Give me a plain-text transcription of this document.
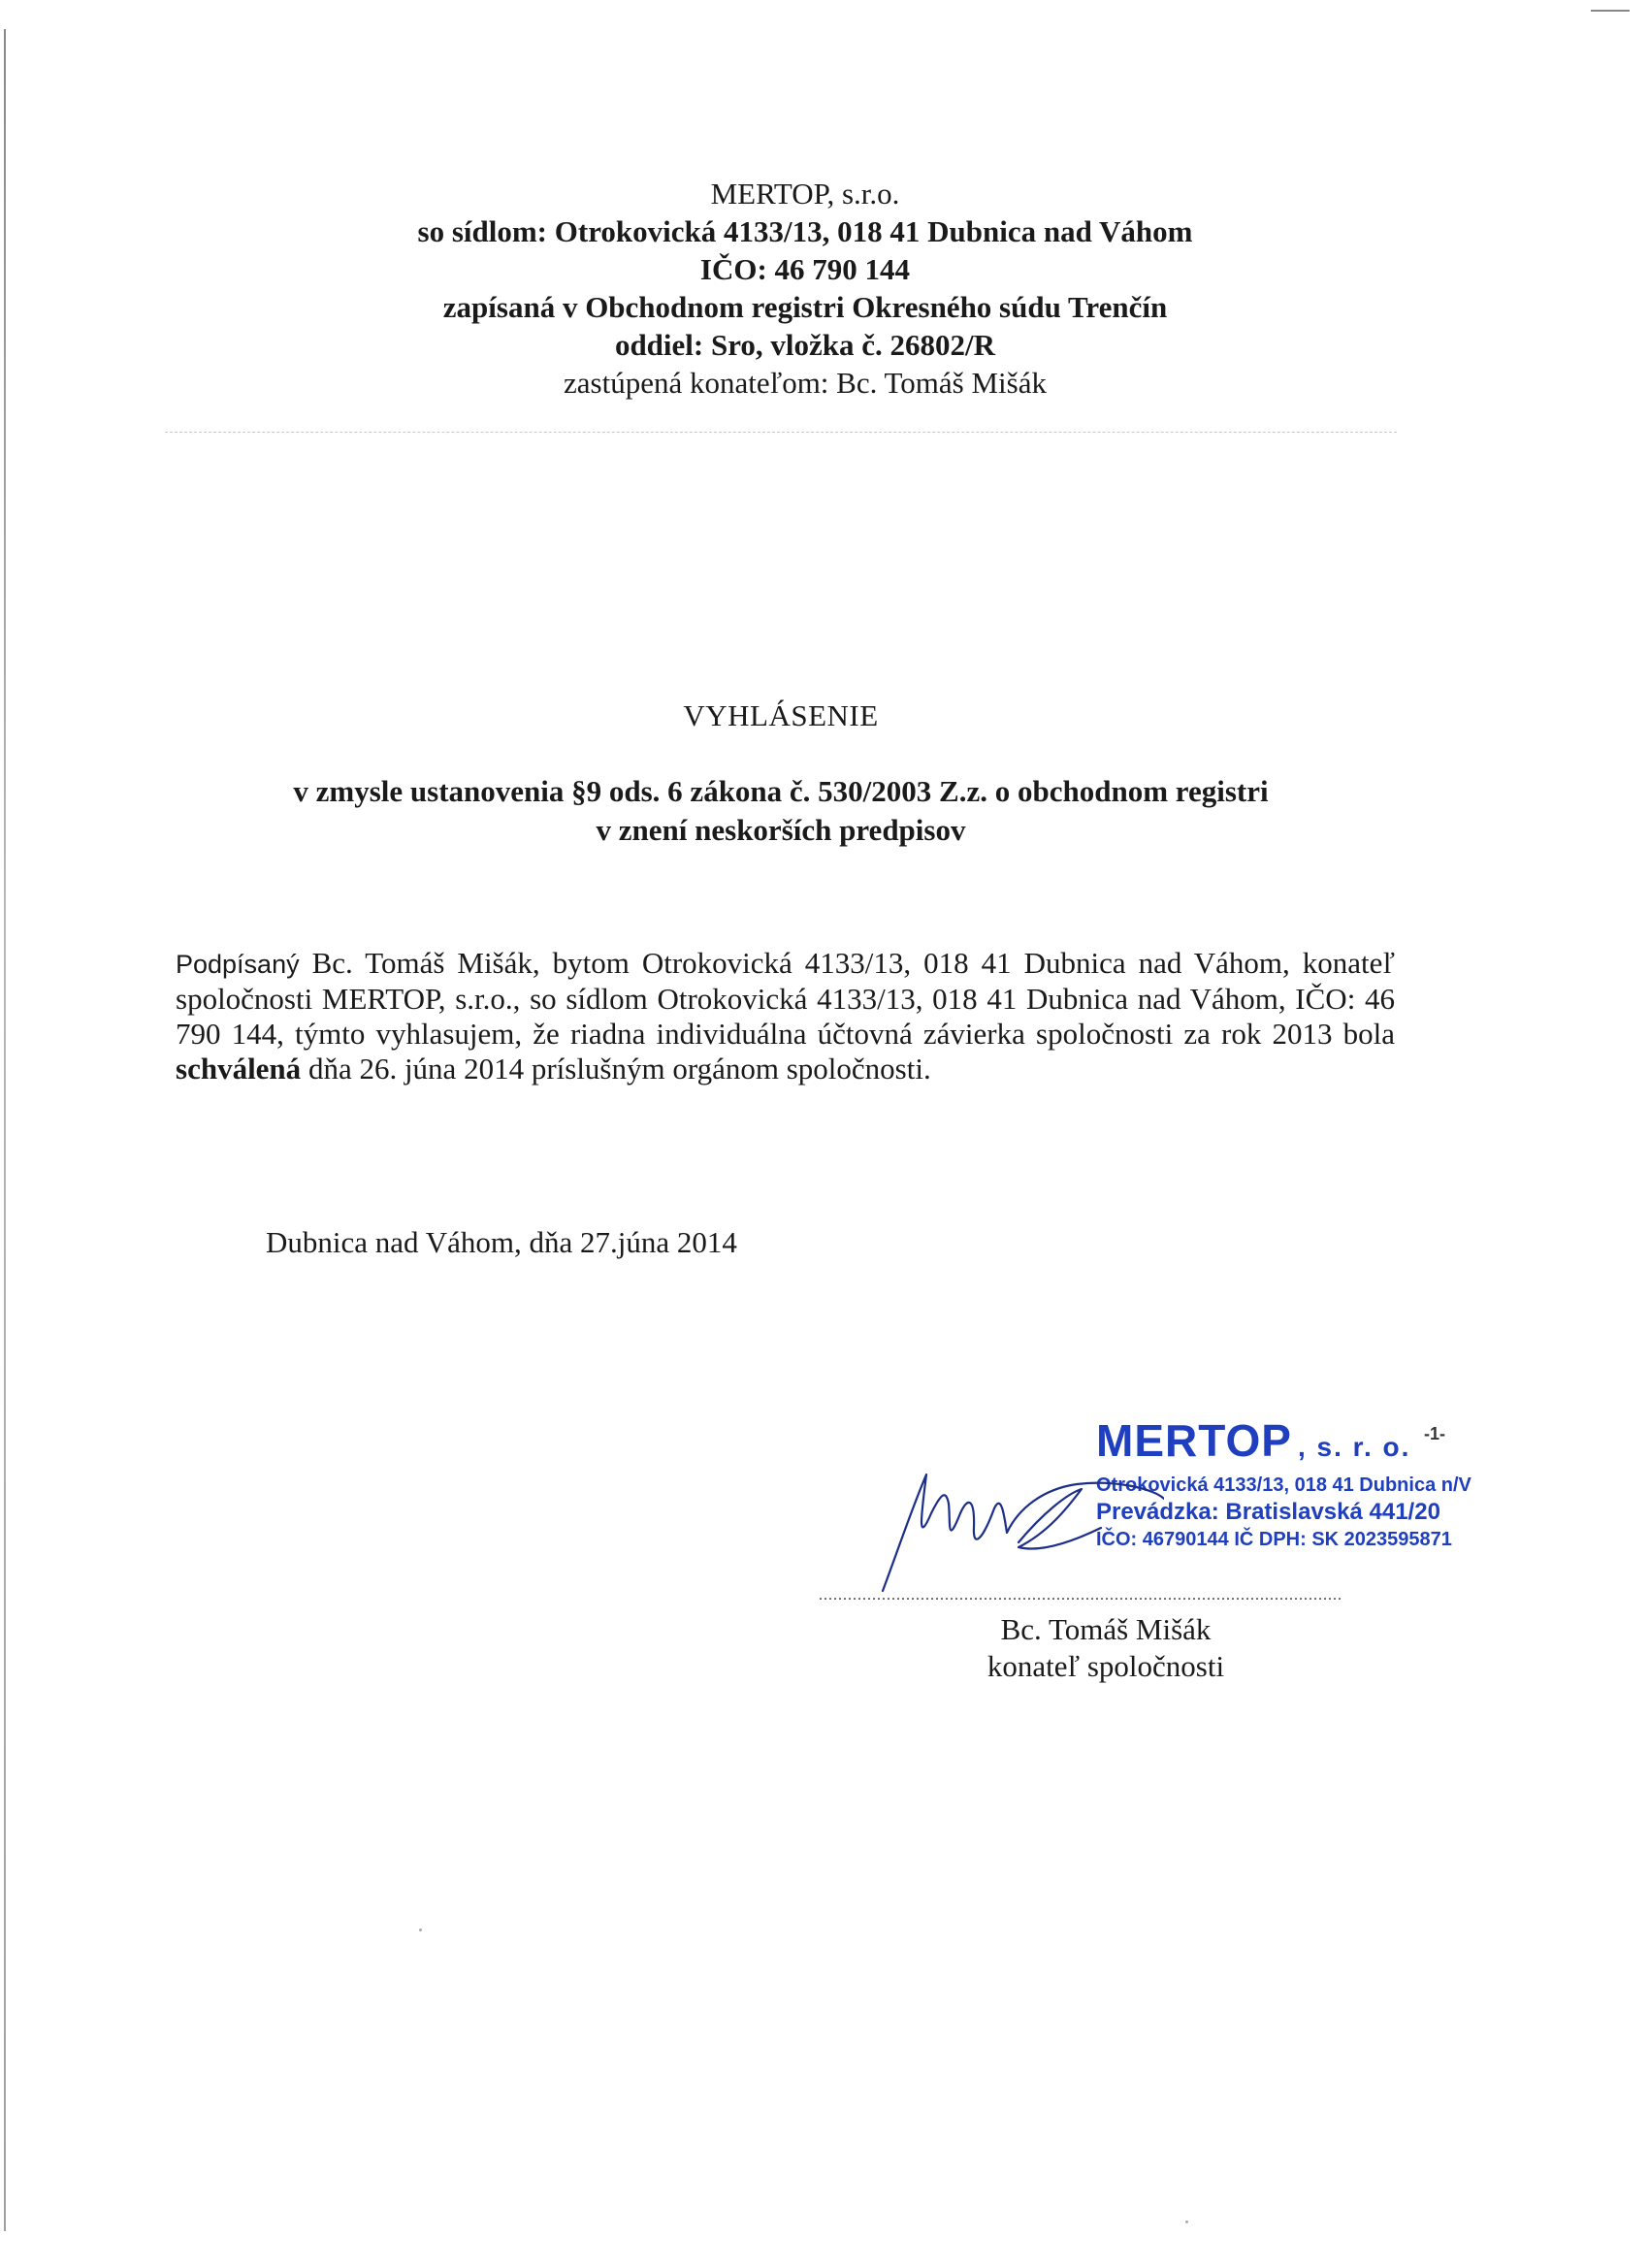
MERTOP, s.r.o.
so sídlom: Otrokovická 4133/13, 018 41 Dubnica nad Váhom
IČO: 46 790 144
zapísaná v Obchodnom registri Okresného súdu Trenčín
oddiel: Sro, vložka č. 26802/R
zastúpená konateľom: Bc. Tomáš Mišák
VYHLÁSENIE
v zmysle ustanovenia §9 ods. 6 zákona č. 530/2003 Z.z. o obchodnom registri
v znení neskorších predpisov
Podpísaný Bc. Tomáš Mišák, bytom Otrokovická 4133/13, 018 41 Dubnica nad Váhom, konateľ spoločnosti MERTOP, s.r.o., so sídlom Otrokovická 4133/13, 018 41 Dubnica nad Váhom, IČO: 46 790 144, týmto vyhlasujem, že riadna individuálna účtovná závierka spoločnosti za rok 2013 bola schválená dňa 26. júna 2014 príslušným orgánom spoločnosti.
Dubnica nad Váhom, dňa 27.júna 2014
MERTOP , s. r. o. -1-
Otrokovická 4133/13, 018 41 Dubnica n/V
Prevádzka: Bratislavská 441/20
IČO: 46790144 IČ DPH: SK 2023595871
............................................................................................................
Bc. Tomáš Mišák
konateľ spoločnosti
